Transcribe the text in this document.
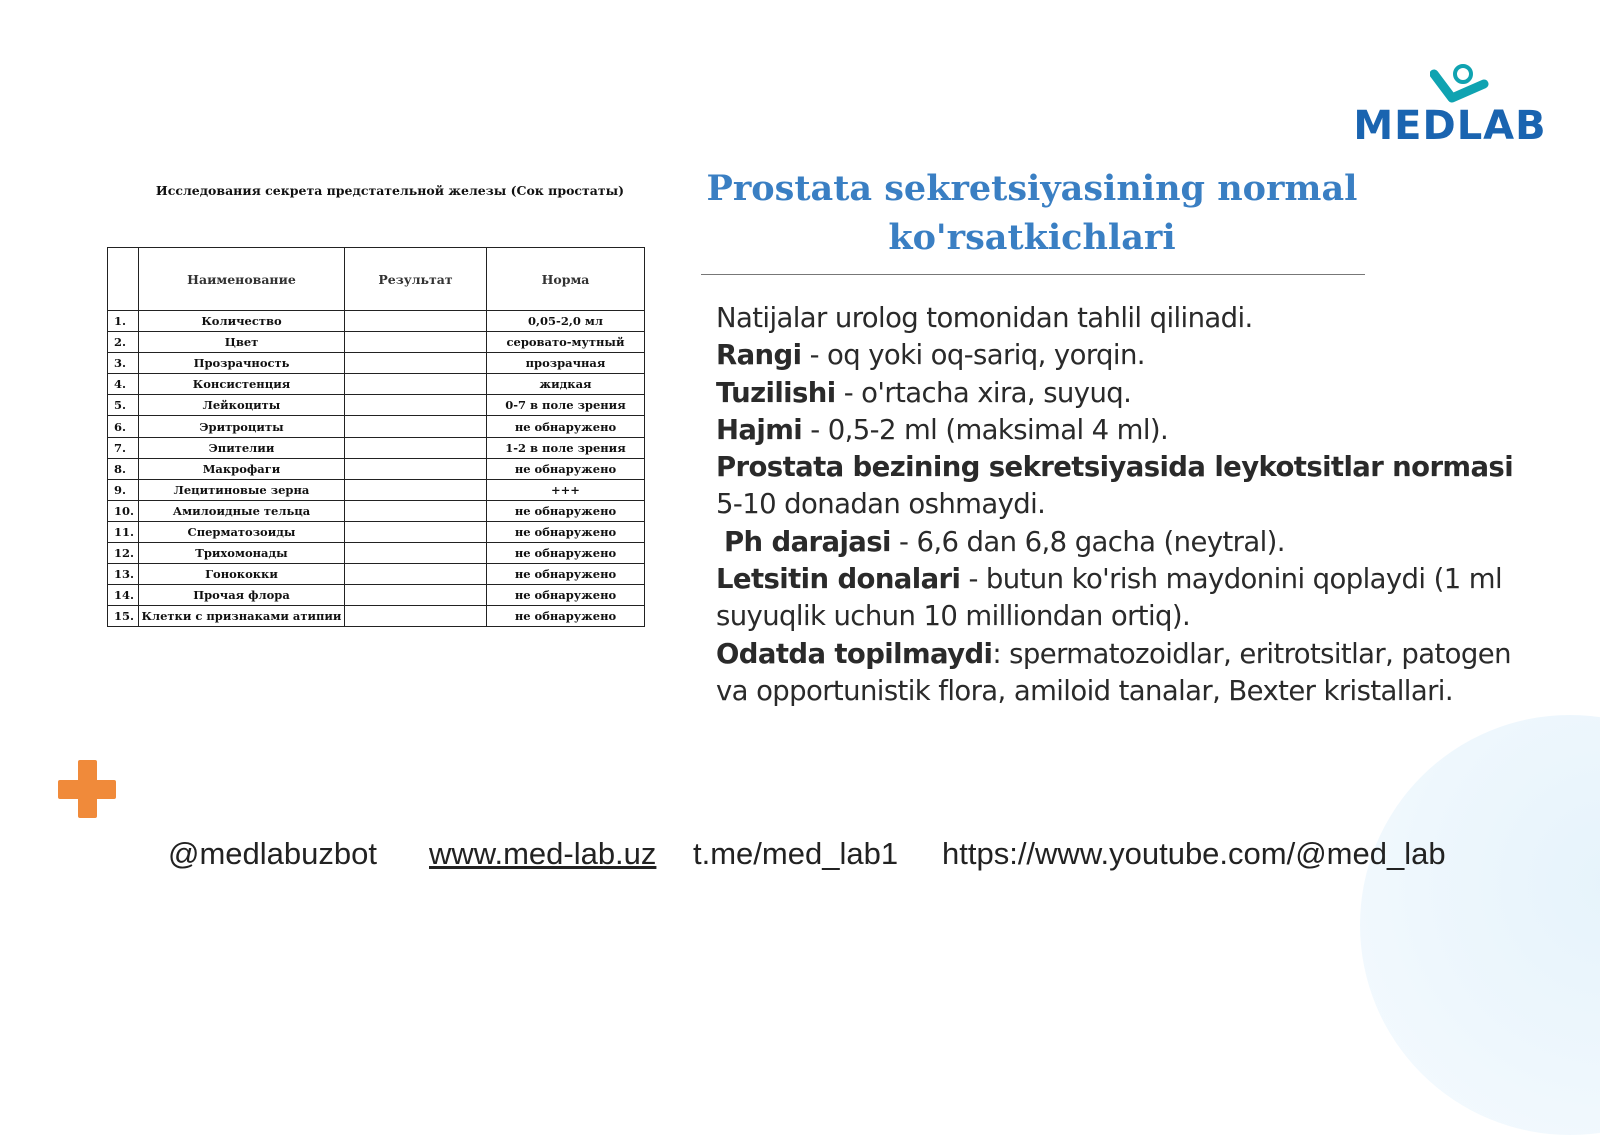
MEDLAB
Prostata sekretsiyasining normal
ko'rsatkichlari

Natijalar urolog tomonidan tahlil qilinadi.

Rangi - oq yoki oq-sariq, yorqin.

Tuzilishi - o'rtacha xira, suyuq.

Hajmi - 0,5-2 ml (maksimal 4 ml).

Prostata bezining sekretsiyasida leykotsitlar normasi
5-10 donadan oshmaydi.

Ph darajasi - 6,6 dan 6,8 gacha (neytral).

Letsitin donalari - butun ko'rish maydonini qoplaydi (1 ml suyuqlik uchun 10 milliondan ortiq).

Odatda topilmaydi: spermatozoidlar, eritrotsitlar, patogen va opportunistik flora, amiloid tanalar, Bexter kristallari.

Исследования секрета предстательной железы (Сок простаты)
	Наименование	Результат	Норма
1.	Количество		0,05-2,0 мл
2.	Цвет		сероватo-мутный
3.	Прозрачность		прозрачная
4.	Консистенция		жидкая
5.	Лейкоциты		0-7 в поле зрения
6.	Эритроциты		не обнаружено
7.	Эпителии		1-2 в поле зрения
8.	Макрофаги		не обнаружено
9.	Лецитиновые зерна		+++
10.	Амилоидные тельца		не обнаружено
11.	Сперматозоиды		не обнаружено
12.	Трихомонады		не обнаружено
13.	Гонококки		не обнаружено
14.	Прочая флора		не обнаружено
15.	Клетки с признаками атипии		не обнаружено
@medlabuzbot www.med-lab.uz t.me/med_lab1 https://www.youtube.com/@med_lab
